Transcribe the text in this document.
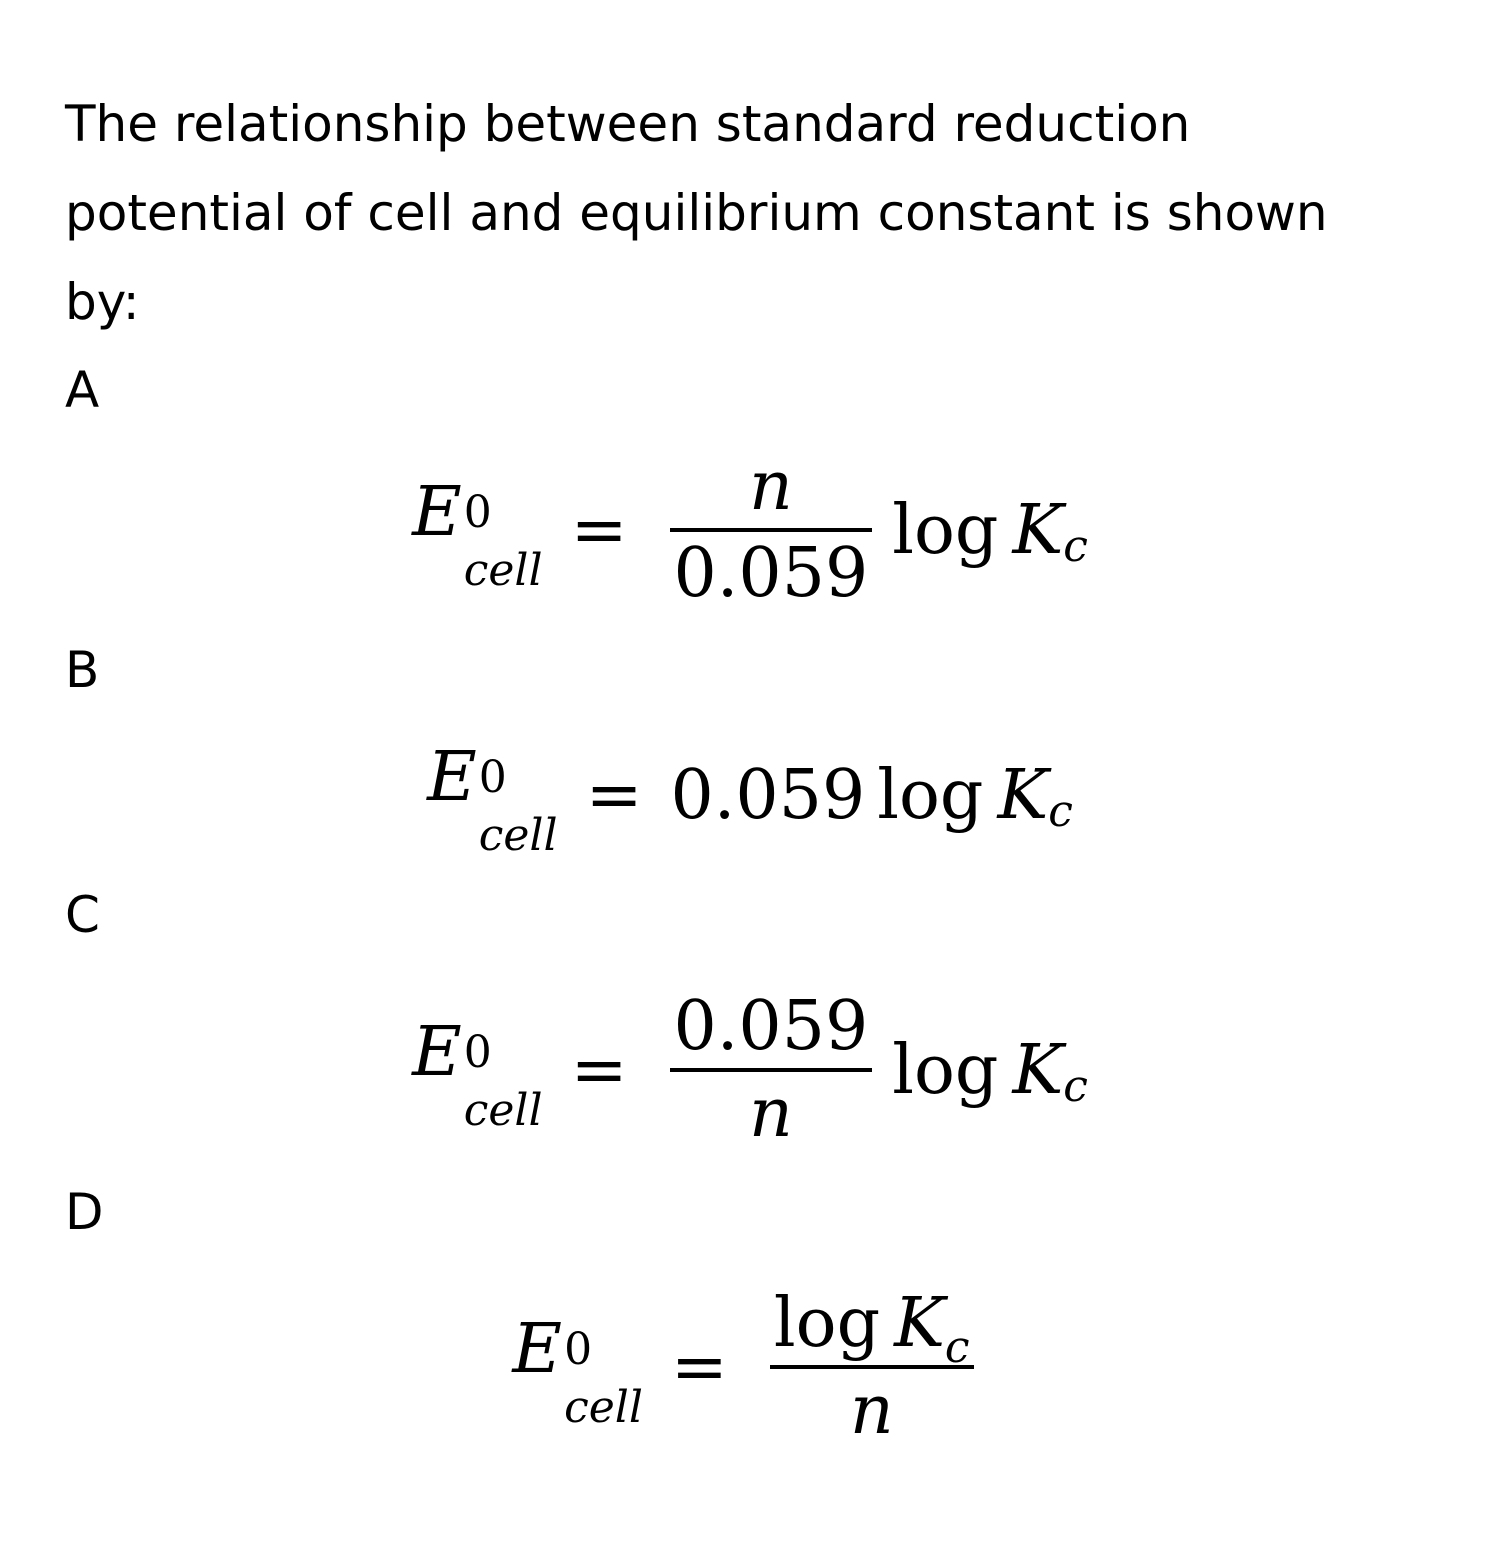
The relationship between standard reduction potential of cell and equilibrium constant is shown by:

A
E 0
cell
= $\frac{n}{0.059}$ log K c
B
E 0
cell
= 0.059 log K c
C
E 0
cell
= $\frac{0.059}{n}$ log K c
D
E 0
cell
= $\frac{\log K_c}{n}$
